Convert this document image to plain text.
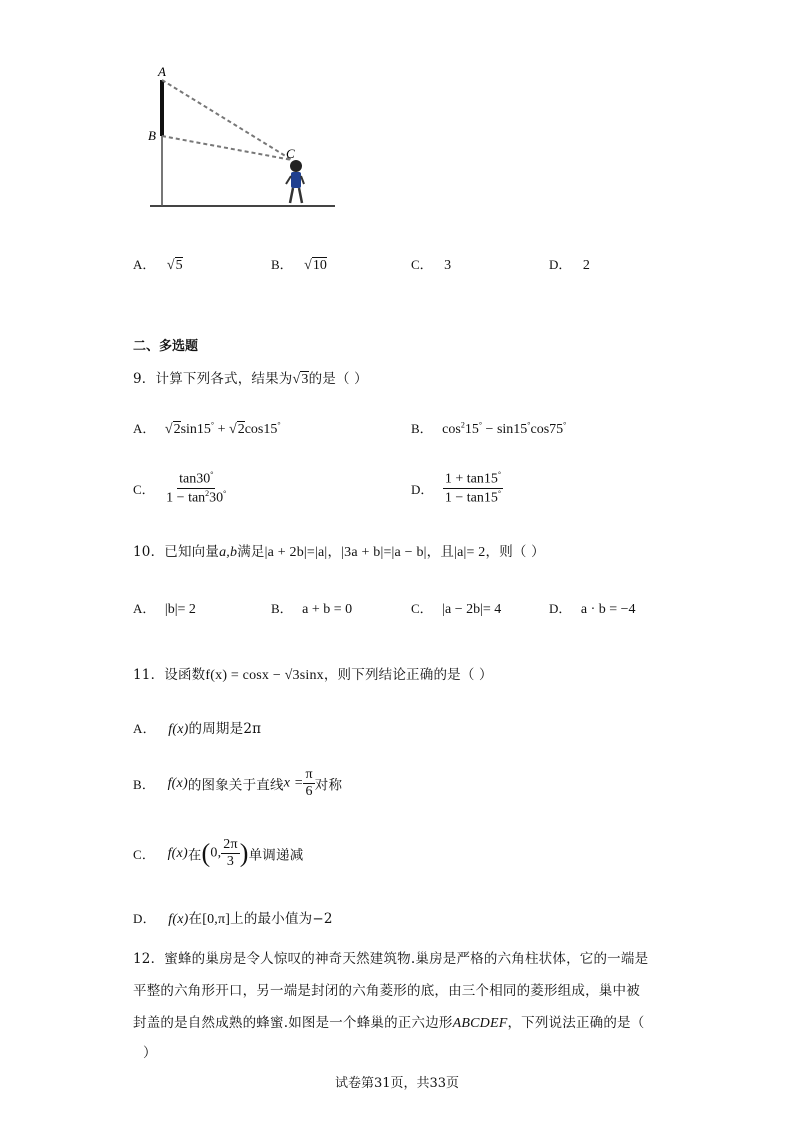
A
B
C
A． √5	B． √10	C． 3	D． 2
二、多选题
9．计算下列各式，结果为√3的是（ ）
A． √2sin15° + √2cos15°	B． $\cos^215^\circ - \sin 15^\circ\cos 75^\circ$
C． $\frac{\tan 30^\circ}{1 - \tan^230^\circ}$	D． $\frac{1 + \tan 15^\circ}{1 - \tan 15^\circ}$
10．已知向量a,b满足|a + 2b|=|a|，|3a + b|=|a − b|，且|a|= 2，则（ ）
A． |b|= 2	B． a + b = 0	C． |a − 2b|= 4	D． a · b = −4
11．设函数f(x) = cosx − √3sinx，则下列结论正确的是（ ）
A． f(x)的周期是2π
B． f(x)的图象关于直线$x = \frac{\pi}{6}$ 对称
C． f(x)在(0, $\frac{2\pi}{3}$ )单调递减
D． f(x)在[0,π]上的最小值为−2
12．蜜蜂的巢房是令人惊叹的神奇天然建筑物.巢房是严格的六角柱状体，它的一端是
平整的六角形开口，另一端是封闭的六角菱形的底，由三个相同的菱形组成，巢中被
封盖的是自然成熟的蜂蜜.如图是一个蜂巢的正六边形ABCDEF，下列说法正确的是（
）
试卷第31页，共33页
